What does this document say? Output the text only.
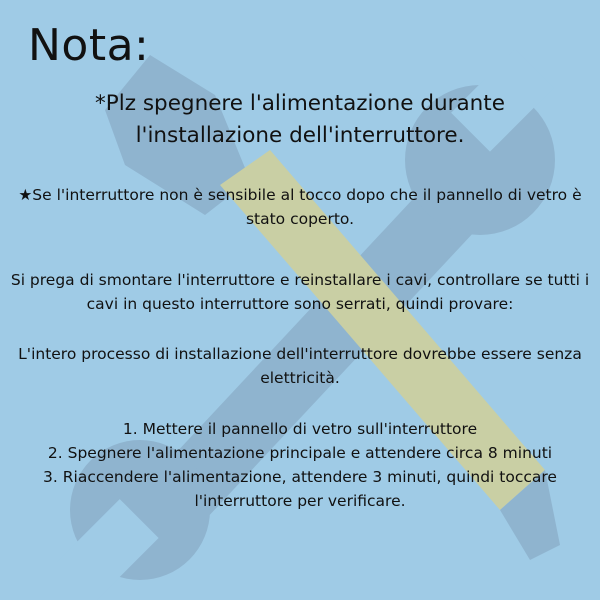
Nota:
*Plz spegnere l'alimentazione durante
l'installazione dell'interruttore.
★Se l'interruttore non è sensibile al tocco dopo che il pannello di vetro è
stato coperto.
Si prega di smontare l'interruttore e reinstallare i cavi, controllare se tutti i
cavi in questo interruttore sono serrati, quindi provare:
L'intero processo di installazione dell'interruttore dovrebbe essere senza
elettricità.
1. Mettere il pannello di vetro sull'interruttore
2. Spegnere l'alimentazione principale e attendere circa 8 minuti
3. Riaccendere l'alimentazione, attendere 3 minuti, quindi toccare
l'interruttore per verificare.
